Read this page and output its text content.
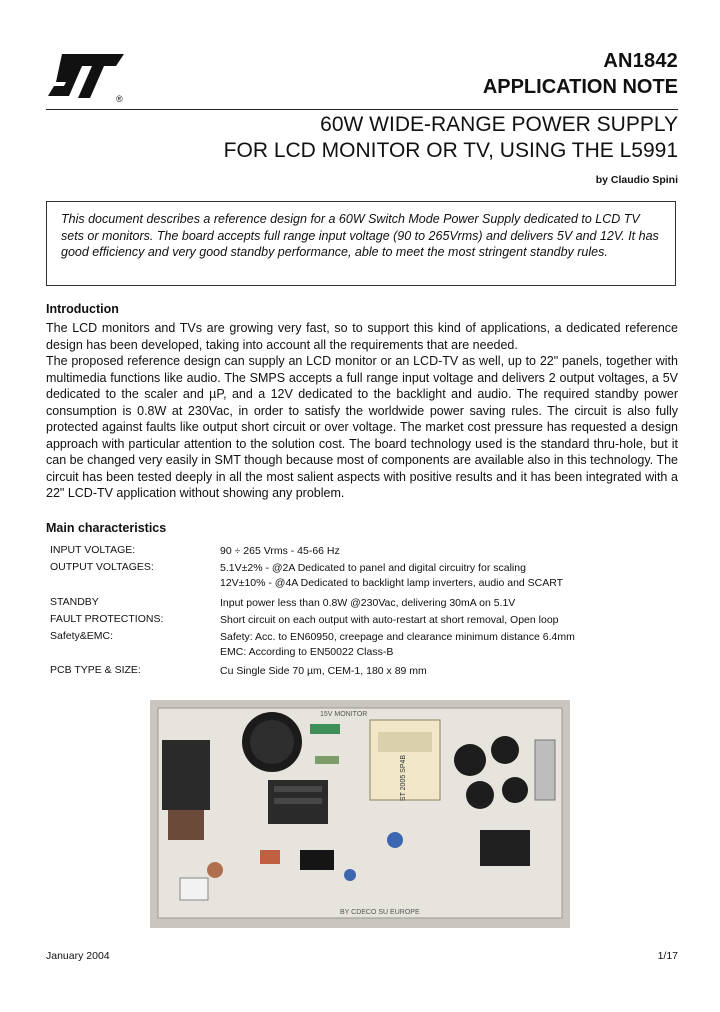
®
AN1842
APPLICATION NOTE
60W WIDE-RANGE POWER SUPPLY
FOR LCD MONITOR OR TV, USING THE L5991
by Claudio Spini

This document describes a reference design for a 60W Switch Mode Power Supply dedicated to LCD TV sets or monitors. The board accepts full range input voltage (90 to 265Vrms) and delivers 5V and 12V. It has good efficiency and very good standby performance, able to meet the most stringent standby rules.

Introduction

The LCD monitors and TVs are growing very fast, so to support this kind of applications, a dedicated reference design has been developed, taking into account all the requirements that are needed.

The proposed reference design can supply an LCD monitor or an LCD-TV as well, up to 22" panels, together with multimedia functions like audio. The SMPS accepts a full range input voltage and delivers 2 output voltages, a 5V dedicated to the scaler and µP, and a 12V dedicated to the backlight and audio. The required standby power consumption is 0.8W at 230Vac, in order to satisfy the worldwide power saving rules. The circuit is also fully protected against faults like output short circuit or over voltage. The market cost pressure has requested a design approach with particular attention to the solution cost. The board technology used is the standard thru-hole, but it can be changed very easily in SMT though because most of components are available also in this technology. The circuit has been tested deeply in all the most salient aspects with positive results and it has been integrated with a 22" LCD-TV application without showing any problem.

Main characteristics
INPUT VOLTAGE:	90 ÷ 265 Vrms - 45-66 Hz
OUTPUT VOLTAGES:	5.1V±2% - @2A Dedicated to panel and digital circuitry for scaling
12V±10% - @4A Dedicated to backlight lamp inverters, audio and SCART
STANDBY	Input power less than 0.8W @230Vac, delivering 30mA on 5.1V
FAULT PROTECTIONS:	Short circuit on each output with auto-restart at short removal, Open loop
Safety&EMC:	Safety: Acc. to EN60950, creepage and clearance minimum distance 6.4mm
EMC: According to EN50022 Class-B
PCB TYPE & SIZE:	Cu Single Side 70 µm, CEM-1, 180 x 89 mm
ST 2005 SP4B
15V MONITOR
BY CDECO SU EUROPE
January 2004	1/17
